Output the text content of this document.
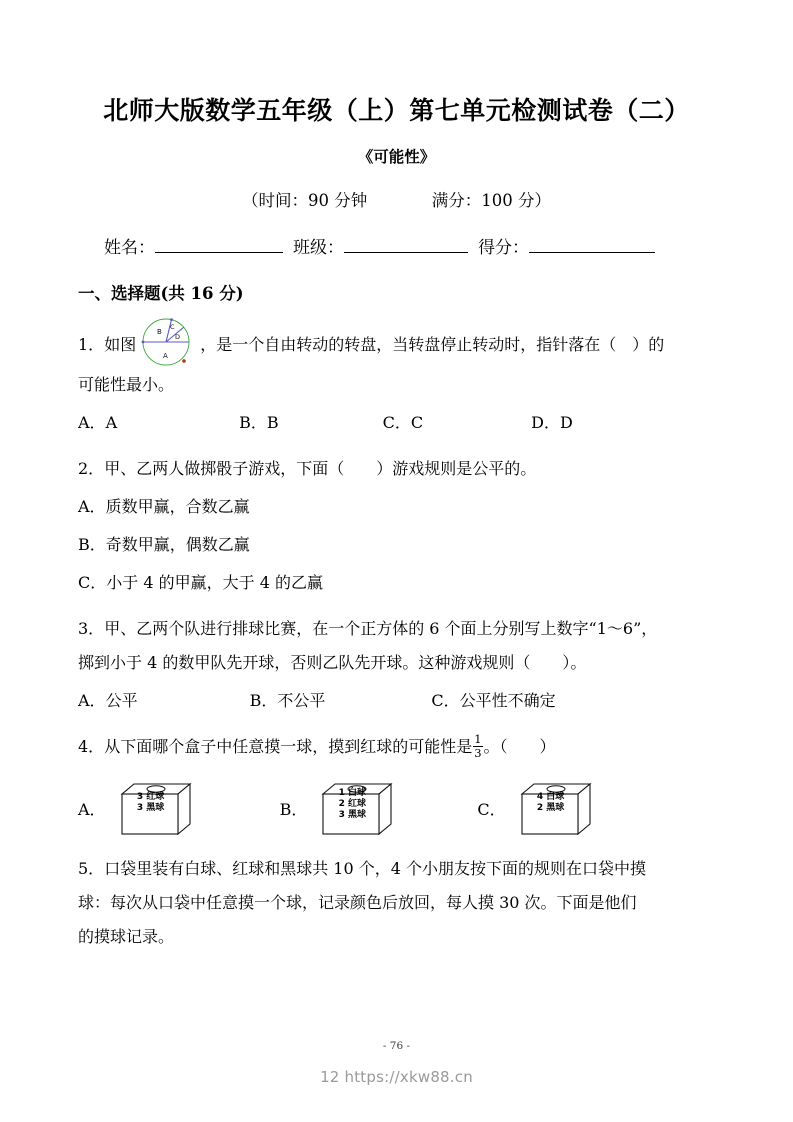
北师大版数学五年级（上）第七单元检测试卷（二）
《可能性》
（时间：90 分钟	满分：100 分）
姓名：	班级：	得分：
一、选择题(共 16 分)
1．如图
B
C
D
A
，是一个自由转动的转盘，当转盘停止转动时，指针落在（　）的
可能性最小。
A．A	B．B	C．C	D．D
2．甲、乙两人做掷骰子游戏，下面（　　）游戏规则是公平的。
A．质数甲赢，合数乙赢
B．奇数甲赢，偶数乙赢
C．小于 4 的甲赢，大于 4 的乙赢
3．甲、乙两个队进行排球比赛，在一个正方体的 6 个面上分别写上数字“1～6”，
掷到小于 4 的数甲队先开球，否则乙队先开球。这种游戏规则（　　）。
A．公平	B．不公平	C．公平性不确定
4．从下面哪个盒子中任意摸一球，摸到红球的可能性是 $\frac{1}{3}$ 。（　　）
A．
3 红球
3 黑球	B．
1 白球
2 红球
3 黑球	C．
4 白球
2 黑球
5．口袋里装有白球、红球和黑球共 10 个，4 个小朋友按下面的规则在口袋中摸
球：每次从口袋中任意摸一个球，记录颜色后放回，每人摸 30 次。下面是他们
的摸球记录。
- 76 -
12 https://xkw88.cn
